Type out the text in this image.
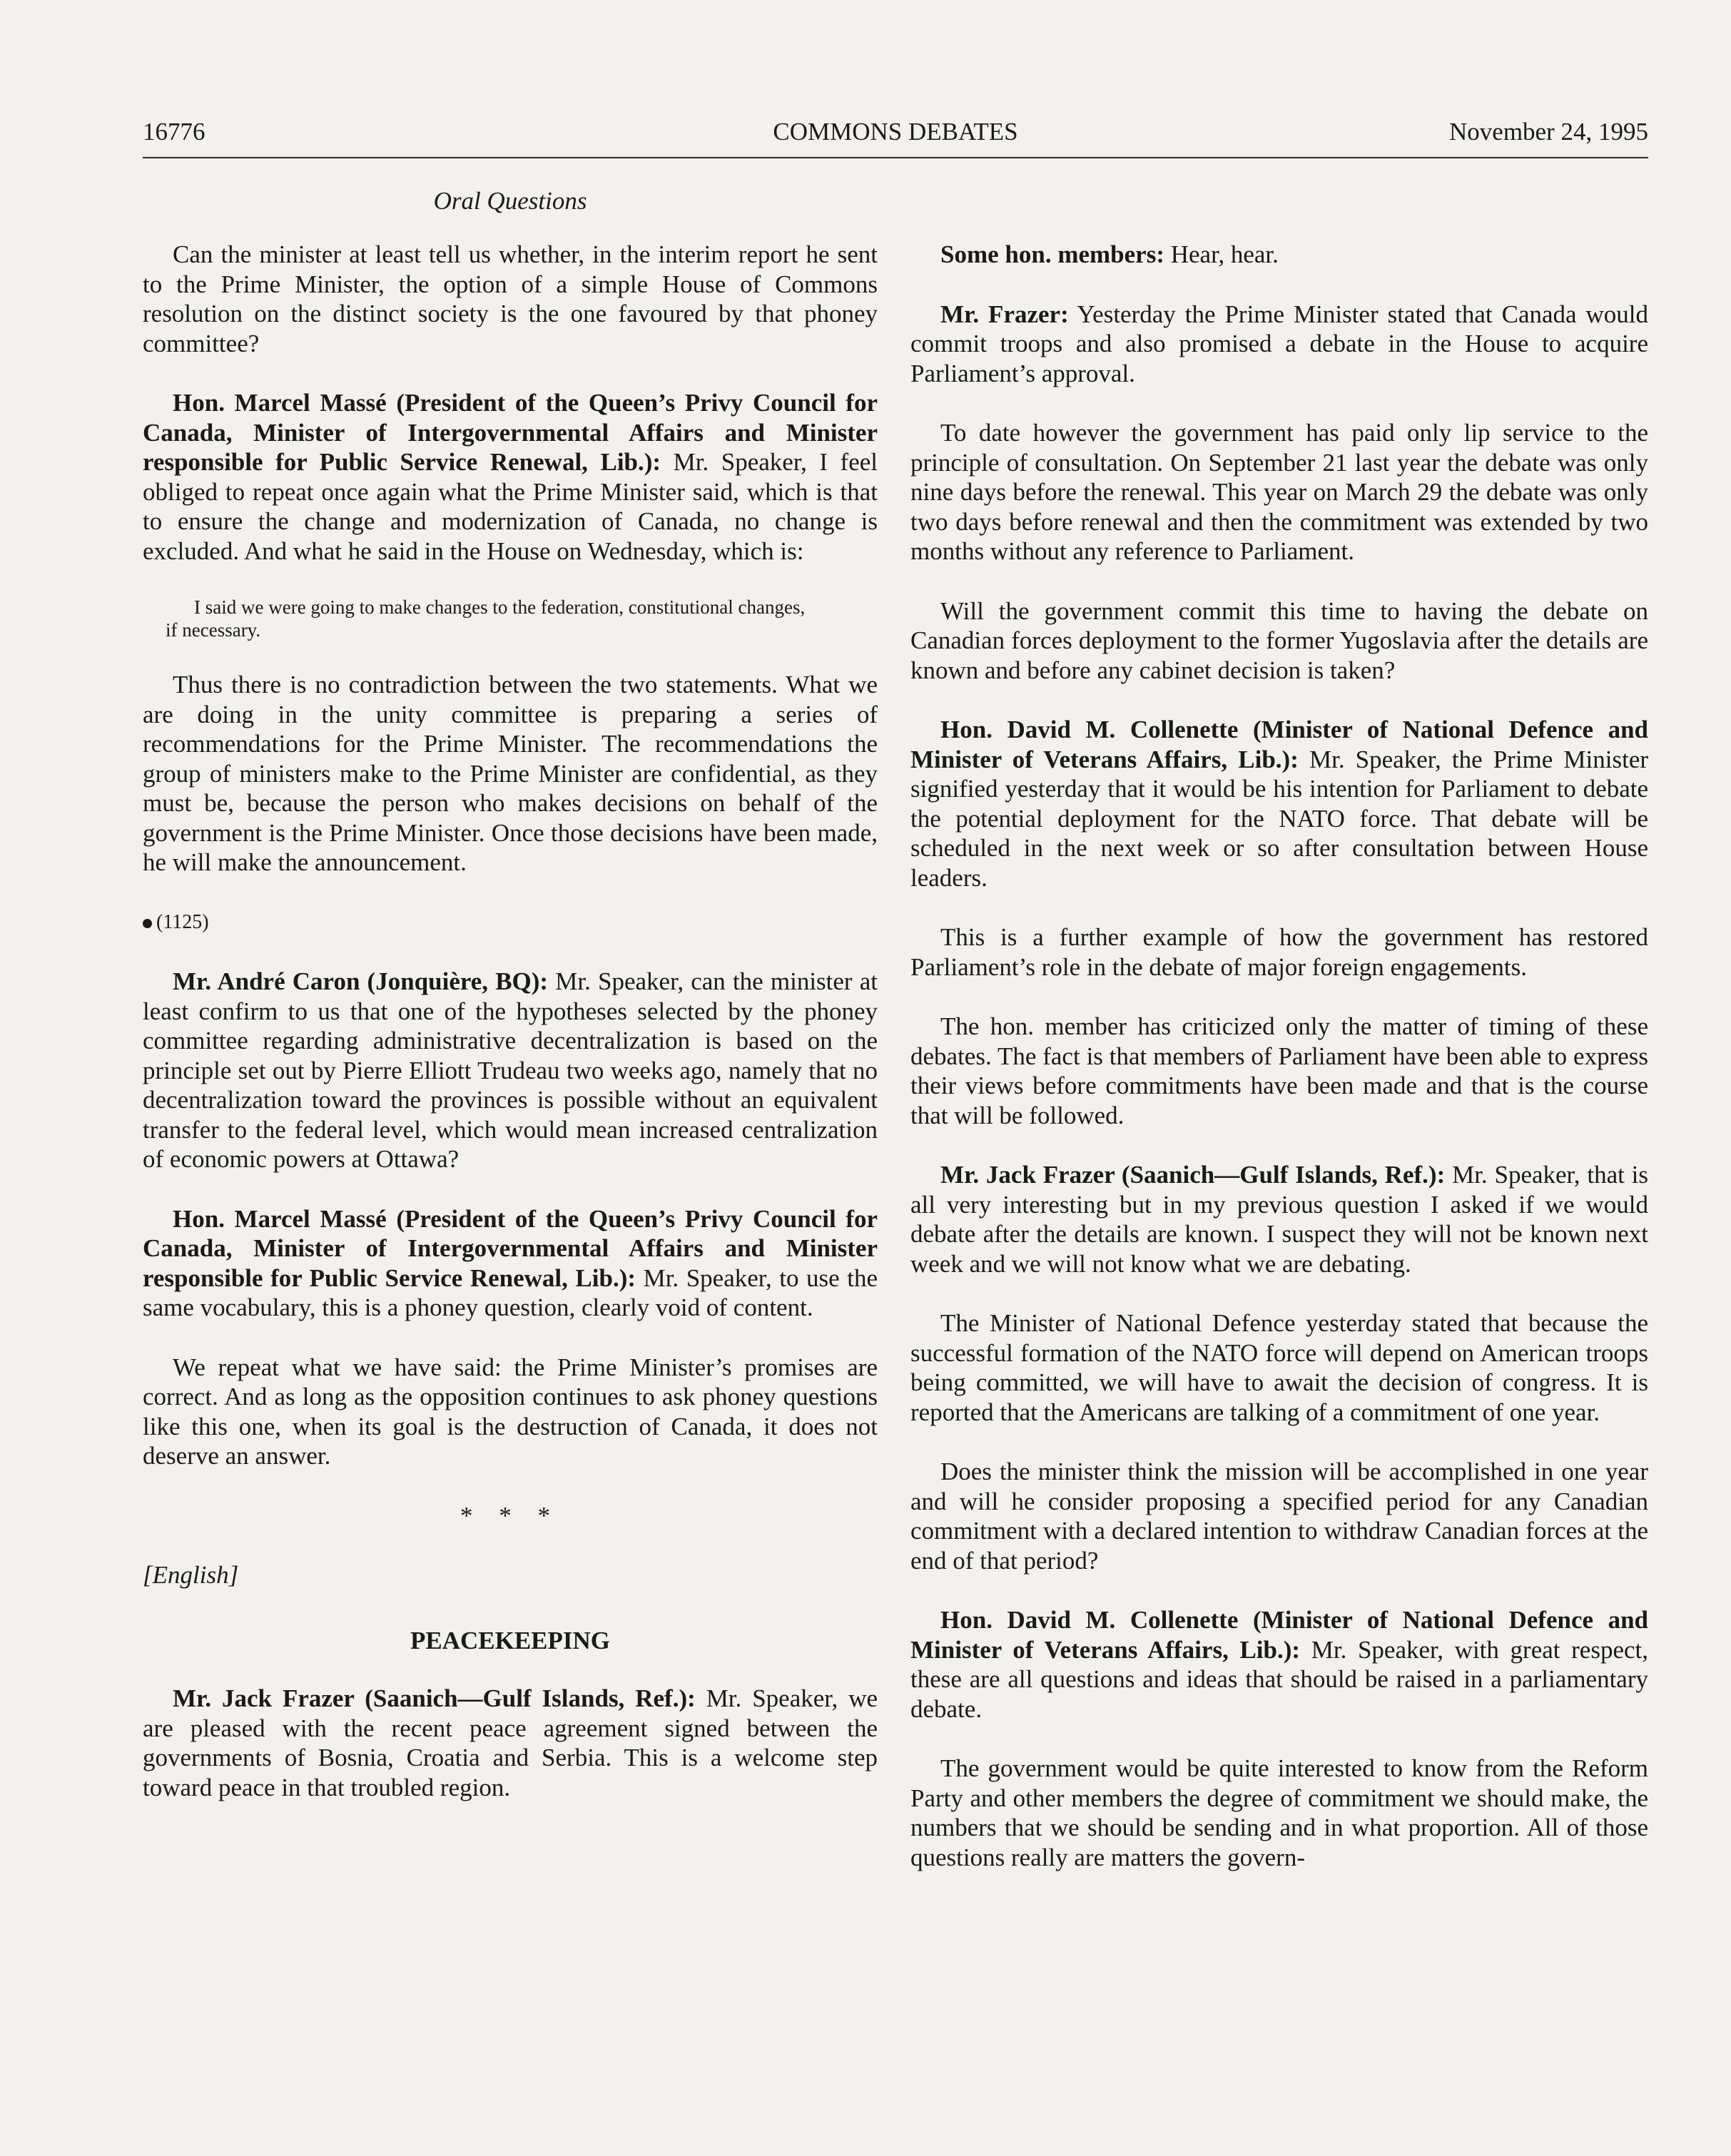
16776	COMMONS DEBATES	November 24, 1995
Oral Questions

Can the minister at least tell us whether, in the interim report he sent to the Prime Minister, the option of a simple House of Commons resolution on the distinct society is the one favoured by that phoney committee?

Hon. Marcel Massé (President of the Queen’s Privy Council for Canada, Minister of Intergovernmental Affairs and Minister responsible for Public Service Renewal, Lib.): Mr. Speaker, I feel obliged to repeat once again what the Prime Minister said, which is that to ensure the change and modernization of Canada, no change is excluded. And what he said in the House on Wednesday, which is:

I said we were going to make changes to the federation, constitutional changes,
if necessary.

Thus there is no contradiction between the two statements. What we are doing in the unity committee is preparing a series of recommendations for the Prime Minister. The recommendations the group of ministers make to the Prime Minister are confidential, as they must be, because the person who makes decisions on behalf of the government is the Prime Minister. Once those decisions have been made, he will make the announcement.

(1125)

Mr. André Caron (Jonquière, BQ): Mr. Speaker, can the minister at least confirm to us that one of the hypotheses selected by the phoney committee regarding administrative decentralization is based on the principle set out by Pierre Elliott Trudeau two weeks ago, namely that no decentralization toward the provinces is possible without an equivalent transfer to the federal level, which would mean increased centralization of economic powers at Ottawa?

Hon. Marcel Massé (President of the Queen’s Privy Council for Canada, Minister of Intergovernmental Affairs and Minister responsible for Public Service Renewal, Lib.): Mr. Speaker, to use the same vocabulary, this is a phoney question, clearly void of content.

We repeat what we have said: the Prime Minister’s promises are correct. And as long as the opposition continues to ask phoney questions like this one, when its goal is the destruction of Canada, it does not deserve an answer.

* * *
[English]
PEACEKEEPING

Mr. Jack Frazer (Saanich—Gulf Islands, Ref.): Mr. Speaker, we are pleased with the recent peace agreement signed between the governments of Bosnia, Croatia and Serbia. This is a welcome step toward peace in that troubled region.

Some hon. members: Hear, hear.

Mr. Frazer: Yesterday the Prime Minister stated that Canada would commit troops and also promised a debate in the House to acquire Parliament’s approval.

To date however the government has paid only lip service to the principle of consultation. On September 21 last year the debate was only nine days before the renewal. This year on March 29 the debate was only two days before renewal and then the commitment was extended by two months without any reference to Parliament.

Will the government commit this time to having the debate on Canadian forces deployment to the former Yugoslavia after the details are known and before any cabinet decision is taken?

Hon. David M. Collenette (Minister of National Defence and Minister of Veterans Affairs, Lib.): Mr. Speaker, the Prime Minister signified yesterday that it would be his intention for Parliament to debate the potential deployment for the NATO force. That debate will be scheduled in the next week or so after consultation between House leaders.

This is a further example of how the government has restored Parliament’s role in the debate of major foreign engagements.

The hon. member has criticized only the matter of timing of these debates. The fact is that members of Parliament have been able to express their views before commitments have been made and that is the course that will be followed.

Mr. Jack Frazer (Saanich—Gulf Islands, Ref.): Mr. Speaker, that is all very interesting but in my previous question I asked if we would debate after the details are known. I suspect they will not be known next week and we will not know what we are debating.

The Minister of National Defence yesterday stated that because the successful formation of the NATO force will depend on American troops being committed, we will have to await the decision of congress. It is reported that the Americans are talking of a commitment of one year.

Does the minister think the mission will be accomplished in one year and will he consider proposing a specified period for any Canadian commitment with a declared intention to withdraw Canadian forces at the end of that period?

Hon. David M. Collenette (Minister of National Defence and Minister of Veterans Affairs, Lib.): Mr. Speaker, with great respect, these are all questions and ideas that should be raised in a parliamentary debate.

The government would be quite interested to know from the Reform Party and other members the degree of commitment we should make, the numbers that we should be sending and in what proportion. All of those questions really are matters the govern-
